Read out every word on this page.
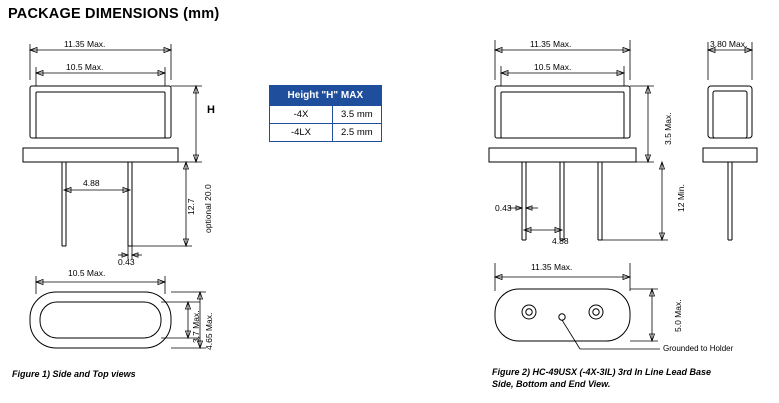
PACKAGE DIMENSIONS (mm)
11.35 Max.
10.5 Max.
H
4.88
0.43
12.7 optional 20.0
10.5 Max.
3.7 Max. 4.65 Max.
Figure 1) Side and Top views
Height "H" MAX	
-4X	3.5 mm
-4LX	2.5 mm
11.35 Max.
10.5 Max.
3.5 Max.
12 Min.
0.43
4.88
3.80 Max.
11.35 Max.
5.0 Max.
Grounded to Holder
Figure 2) HC-49USX (-4X-3IL) 3rd In Line Lead Base
Side, Bottom and End View.
